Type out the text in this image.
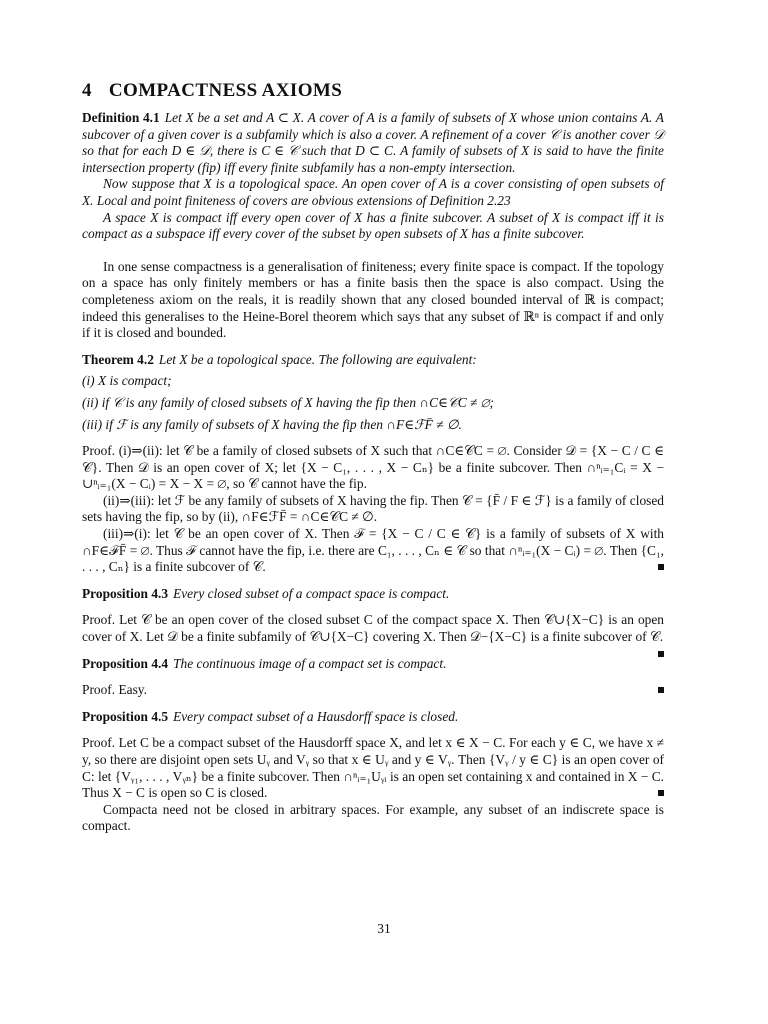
4 COMPACTNESS AXIOMS

Definition 4.1 Let X be a set and A ⊂ X. A cover of A is a family of subsets of X whose union contains A. A subcover of a given cover is a subfamily which is also a cover. A refinement of a cover 𝒞 is another cover 𝒟 so that for each D ∈ 𝒟, there is C ∈ 𝒞 such that D ⊂ C. A family of subsets of X is said to have the finite intersection property (fip) iff every finite subfamily has a non-empty intersection.

Now suppose that X is a topological space. An open cover of A is a cover consisting of open subsets of X. Local and point finiteness of covers are obvious extensions of Definition 2.23

A space X is compact iff every open cover of X has a finite subcover. A subset of X is compact iff it is compact as a subspace iff every cover of the subset by open subsets of X has a finite subcover.

In one sense compactness is a generalisation of finiteness; every finite space is compact. If the topology on a space has only finitely members or has a finite basis then the space is also compact. Using the completeness axiom on the reals, it is readily shown that any closed bounded interval of ℝ is compact; indeed this generalises to the Heine-Borel theorem which says that any subset of ℝⁿ is compact if and only if it is closed and bounded.

Theorem 4.2 Let X be a topological space. The following are equivalent:

(i) X is compact;

(ii) if 𝒞 is any family of closed subsets of X having the fip then ∩C∈𝒞C ≠ ∅;

(iii) if ℱ is any family of subsets of X having the fip then ∩F∈ℱF̄ ≠ ∅.

Proof. (i)⇒(ii): let 𝒞 be a family of closed subsets of X such that ∩C∈𝒞C = ∅. Consider 𝒟 = {X − C / C ∈ 𝒞}. Then 𝒟 is an open cover of X; let {X − C₁, . . . , X − Cₙ} be a finite subcover. Then ∩ⁿᵢ₌₁Cᵢ = X − ∪ⁿᵢ₌₁(X − Cᵢ) = X − X = ∅, so 𝒞 cannot have the fip.

(ii)⇒(iii): let ℱ be any family of subsets of X having the fip. Then 𝒞 = {F̄ / F ∈ ℱ} is a family of closed sets having the fip, so by (ii), ∩F∈ℱF̄ = ∩C∈𝒞C ≠ ∅.

(iii)⇒(i): let 𝒞 be an open cover of X. Then ℱ = {X − C / C ∈ 𝒞} is a family of subsets of X with ∩F∈ℱF̄ = ∅. Thus ℱ cannot have the fip, i.e. there are C₁, . . . , Cₙ ∈ 𝒞 so that ∩ⁿᵢ₌₁(X − Cᵢ) = ∅. Then {C₁, . . . , Cₙ} is a finite subcover of 𝒞.

Proposition 4.3 Every closed subset of a compact space is compact.

Proof. Let 𝒞 be an open cover of the closed subset C of the compact space X. Then 𝒞∪{X−C} is an open cover of X. Let 𝒟 be a finite subfamily of 𝒞∪{X−C} covering X. Then 𝒟−{X−C} is a finite subcover of 𝒞.

Proposition 4.4 The continuous image of a compact set is compact.

Proof. Easy.

Proposition 4.5 Every compact subset of a Hausdorff space is closed.

Proof. Let C be a compact subset of the Hausdorff space X, and let x ∈ X − C. For each y ∈ C, we have x ≠ y, so there are disjoint open sets Uᵧ and Vᵧ so that x ∈ Uᵧ and y ∈ Vᵧ. Then {Vᵧ / y ∈ C} is an open cover of C: let {Vᵧ₁, . . . , Vᵧₙ} be a finite subcover. Then ∩ⁿᵢ₌₁Uᵧᵢ is an open set containing x and contained in X − C. Thus X − C is open so C is closed.

Compacta need not be closed in arbitrary spaces. For example, any subset of an indiscrete space is compact.

31
